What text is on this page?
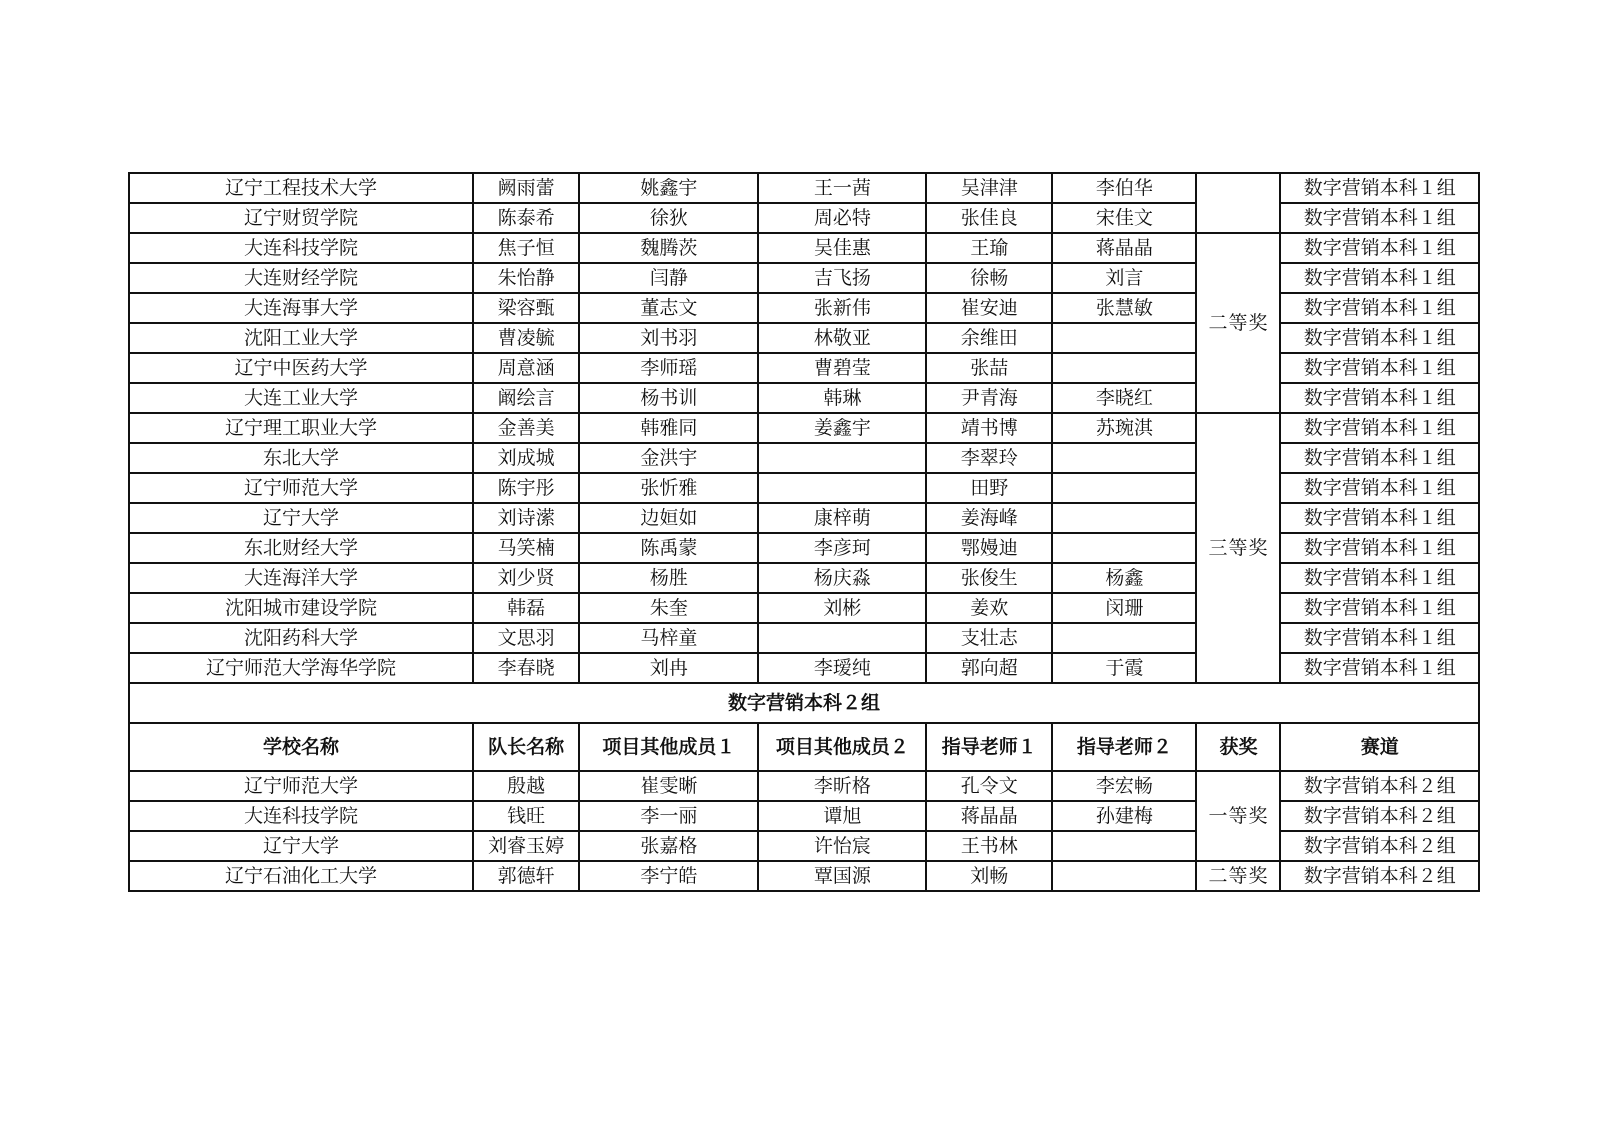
辽宁工程技术大学	阙雨蕾	姚鑫宇	王一茜	吴津津	李伯华		数字营销本科１组
辽宁财贸学院	陈泰希	徐狄	周必特	张佳良	宋佳文		数字营销本科１组
大连科技学院	焦子恒	魏腾茨	吴佳惠	王瑜	蒋晶晶	二等奖	数字营销本科１组
大连财经学院	朱怡静	闫静	吉飞扬	徐畅	刘言		数字营销本科１组
大连海事大学	梁容甄	董志文	张新伟	崔安迪	张慧敏		数字营销本科１组
沈阳工业大学	曹凌毓	刘书羽	林敬亚	余维田			数字营销本科１组
辽宁中医药大学	周意涵	李师瑶	曹碧莹	张喆			数字营销本科１组
大连工业大学	阚绘言	杨书训	韩琳	尹青海	李晓红		数字营销本科１组
辽宁理工职业大学	金善美	韩雅同	姜鑫宇	靖书博	苏琬淇	三等奖	数字营销本科１组
东北大学	刘成城	金洪宇		李翠玲			数字营销本科１组
辽宁师范大学	陈宇彤	张忻雅		田野			数字营销本科１组
辽宁大学	刘诗潆	边姮如	康梓萌	姜海峰			数字营销本科１组
东北财经大学	马笑楠	陈禹蒙	李彦珂	鄂嫚迪			数字营销本科１组
大连海洋大学	刘少贤	杨胜	杨庆淼	张俊生	杨鑫		数字营销本科１组
沈阳城市建设学院	韩磊	朱奎	刘彬	姜欢	闵珊		数字营销本科１组
沈阳药科大学	文思羽	马梓童		支壮志			数字营销本科１组
辽宁师范大学海华学院	李春晓	刘冉	李瑷纯	郭向超	于霞		数字营销本科１组
数字营销本科２组							
学校名称	队长名称	项目其他成员１	项目其他成员２	指导老师１	指导老师２	获奖	赛道
辽宁师范大学	殷越	崔雯晰	李昕格	孔令文	李宏畅	一等奖	数字营销本科２组
大连科技学院	钱旺	李一丽	谭旭	蒋晶晶	孙建梅		数字营销本科２组
辽宁大学	刘睿玉婷	张嘉格	许怡宸	王书林			数字营销本科２组
辽宁石油化工大学	郭德轩	李宁皓	覃国源	刘畅		二等奖	数字营销本科２组
